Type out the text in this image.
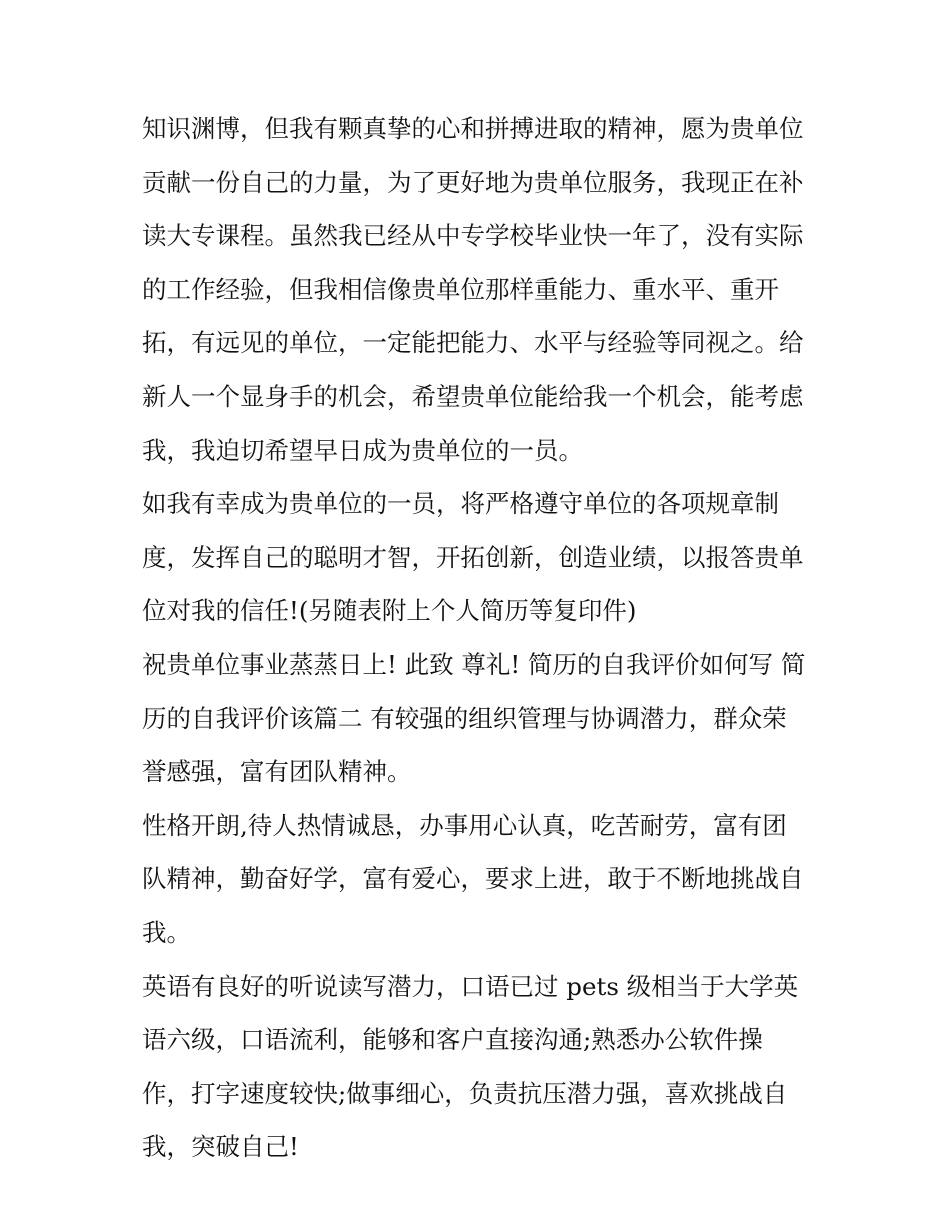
知识渊博，但我有颗真挚的心和拼搏进取的精神，愿为贵单位
贡献一份自己的力量，为了更好地为贵单位服务，我现正在补
读大专课程。虽然我已经从中专学校毕业快一年了，没有实际
的工作经验，但我相信像贵单位那样重能力、重水平、重开
拓，有远见的单位，一定能把能力、水平与经验等同视之。给
新人一个显身手的机会，希望贵单位能给我一个机会，能考虑
我，我迫切希望早日成为贵单位的一员。
如我有幸成为贵单位的一员，将严格遵守单位的各项规章制
度，发挥自己的聪明才智，开拓创新，创造业绩，以报答贵单
位对我的信任!(另随表附上个人简历等复印件)
祝贵单位事业蒸蒸日上! 此致 尊礼! 简历的自我评价如何写 简
历的自我评价该篇二 有较强的组织管理与协调潜力，群众荣
誉感强，富有团队精神。
性格开朗,待人热情诚恳，办事用心认真，吃苦耐劳，富有团
队精神，勤奋好学，富有爱心，要求上进，敢于不断地挑战自
我。
英语有良好的听说读写潜力，口语已过 pets 级相当于大学英
语六级，口语流利，能够和客户直接沟通;熟悉办公软件操
作，打字速度较快;做事细心，负责抗压潜力强，喜欢挑战自
我，突破自己!
